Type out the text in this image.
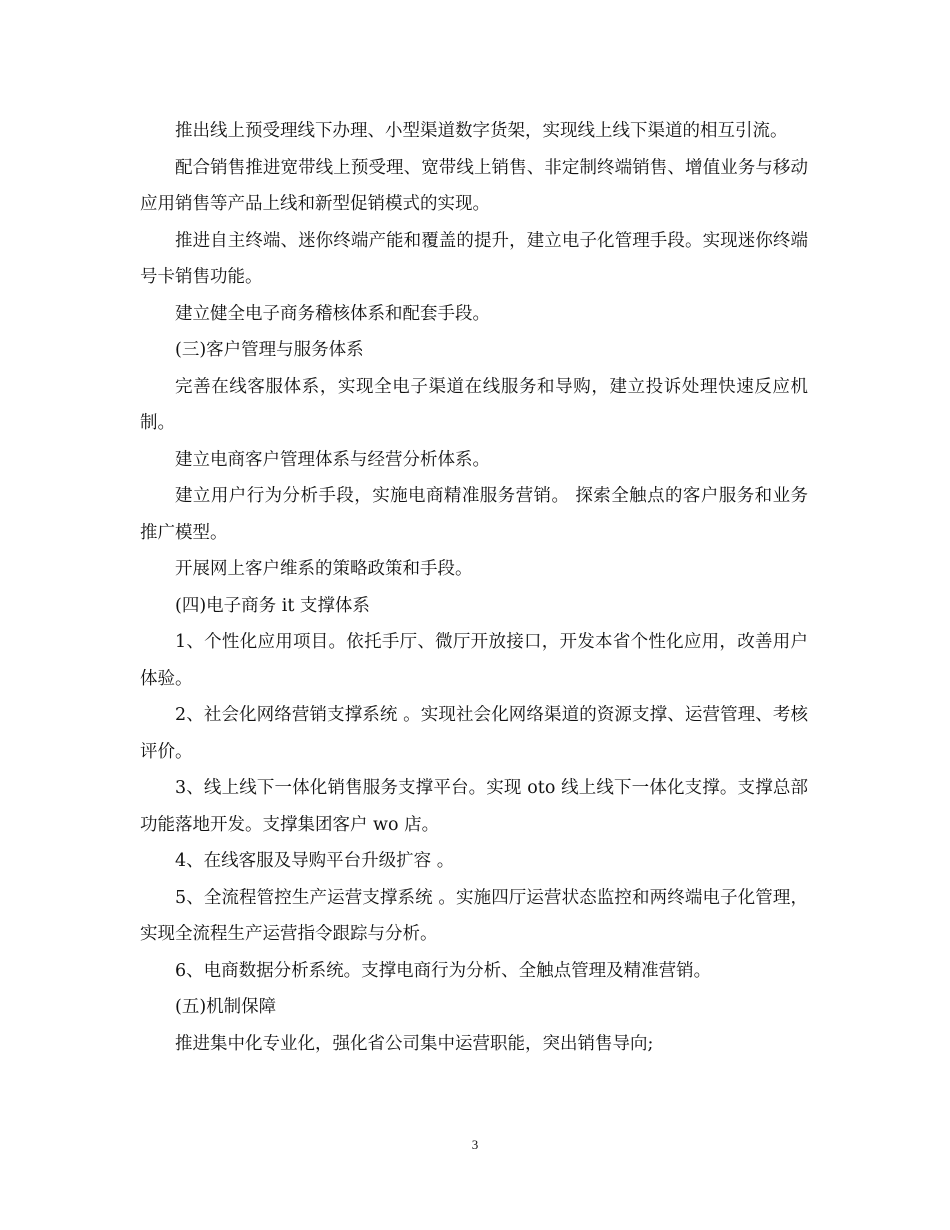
推出线上预受理线下办理、小型渠道数字货架，实现线上线下渠道的相互引流。

配合销售推进宽带线上预受理、宽带线上销售、非定制终端销售、增值业务与移动应用销售等产品上线和新型促销模式的实现。

推进自主终端、迷你终端产能和覆盖的提升，建立电子化管理手段。实现迷你终端号卡销售功能。

建立健全电子商务稽核体系和配套手段。

(三)客户管理与服务体系

完善在线客服体系，实现全电子渠道在线服务和导购，建立投诉处理快速反应机制。

建立电商客户管理体系与经营分析体系。

建立用户行为分析手段，实施电商精准服务营销。 探索全触点的客户服务和业务推广模型。

开展网上客户维系的策略政策和手段。

(四)电子商务 it 支撑体系

1、个性化应用项目。依托手厅、微厅开放接口，开发本省个性化应用，改善用户体验。

2、社会化网络营销支撑系统 。实现社会化网络渠道的资源支撑、运营管理、考核评价。

3、线上线下一体化销售服务支撑平台。实现 oto 线上线下一体化支撑。支撑总部功能落地开发。支撑集团客户 wo 店。

4、在线客服及导购平台升级扩容 。

5、全流程管控生产运营支撑系统 。实施四厅运营状态监控和两终端电子化管理，实现全流程生产运营指令跟踪与分析。

6、电商数据分析系统。支撑电商行为分析、全触点管理及精准营销。

(五)机制保障

推进集中化专业化，强化省公司集中运营职能，突出销售导向;

3
